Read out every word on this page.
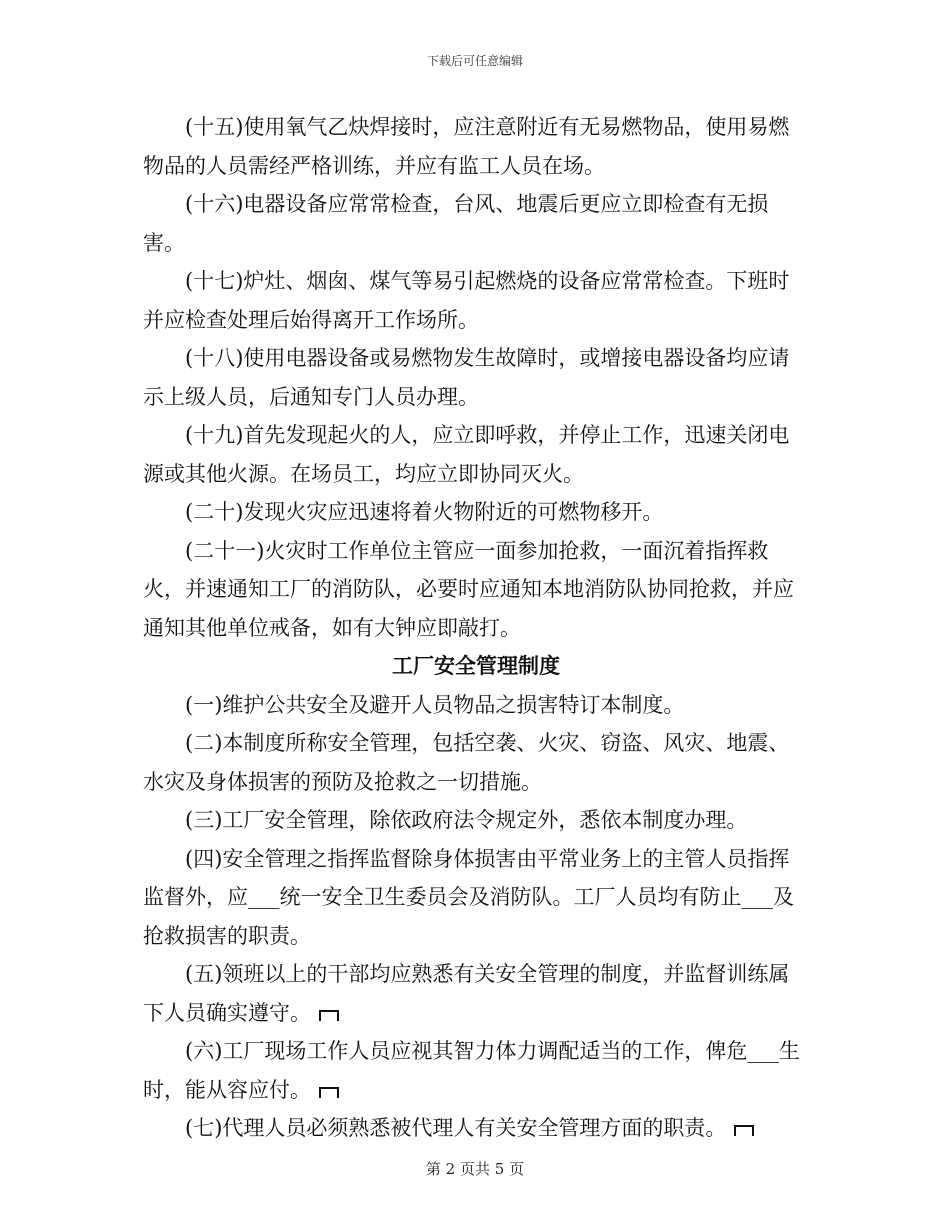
下载后可任意编辑

(十五)使用氧气乙炔焊接时，应注意附近有无易燃物品，使用易燃物品的人员需经严格训练，并应有监工人员在场。

(十六)电器设备应常常检查，台风、地震后更应立即检查有无损害。

(十七)炉灶、烟囱、煤气等易引起燃烧的设备应常常检查。下班时并应检查处理后始得离开工作场所。

(十八)使用电器设备或易燃物发生故障时，或增接电器设备均应请示上级人员，后通知专门人员办理。

(十九)首先发现起火的人，应立即呼救，并停止工作，迅速关闭电源或其他火源。在场员工，均应立即协同灭火。

(二十)发现火灾应迅速将着火物附近的可燃物移开。

(二十一)火灾时工作单位主管应一面参加抢救，一面沉着指挥救火，并速通知工厂的消防队，必要时应通知本地消防队协同抢救，并应通知其他单位戒备，如有大钟应即敲打。

工厂安全管理制度

(一)维护公共安全及避开人员物品之损害特订本制度。

(二)本制度所称安全管理，包括空袭、火灾、窃盗、风灾、地震、水灾及身体损害的预防及抢救之一切措施。

(三)工厂安全管理，除依政府法令规定外，悉依本制度办理。

(四)安全管理之指挥监督除身体损害由平常业务上的主管人员指挥监督外，应___统一安全卫生委员会及消防队。工厂人员均有防止___及抢救损害的职责。

(五)领班以上的干部均应熟悉有关安全管理的制度，并监督训练属下人员确实遵守。

(六)工厂现场工作人员应视其智力体力调配适当的工作，俾危___生时，能从容应付。

(七)代理人员必须熟悉被代理人有关安全管理方面的职责。

第 2 页共 5 页
